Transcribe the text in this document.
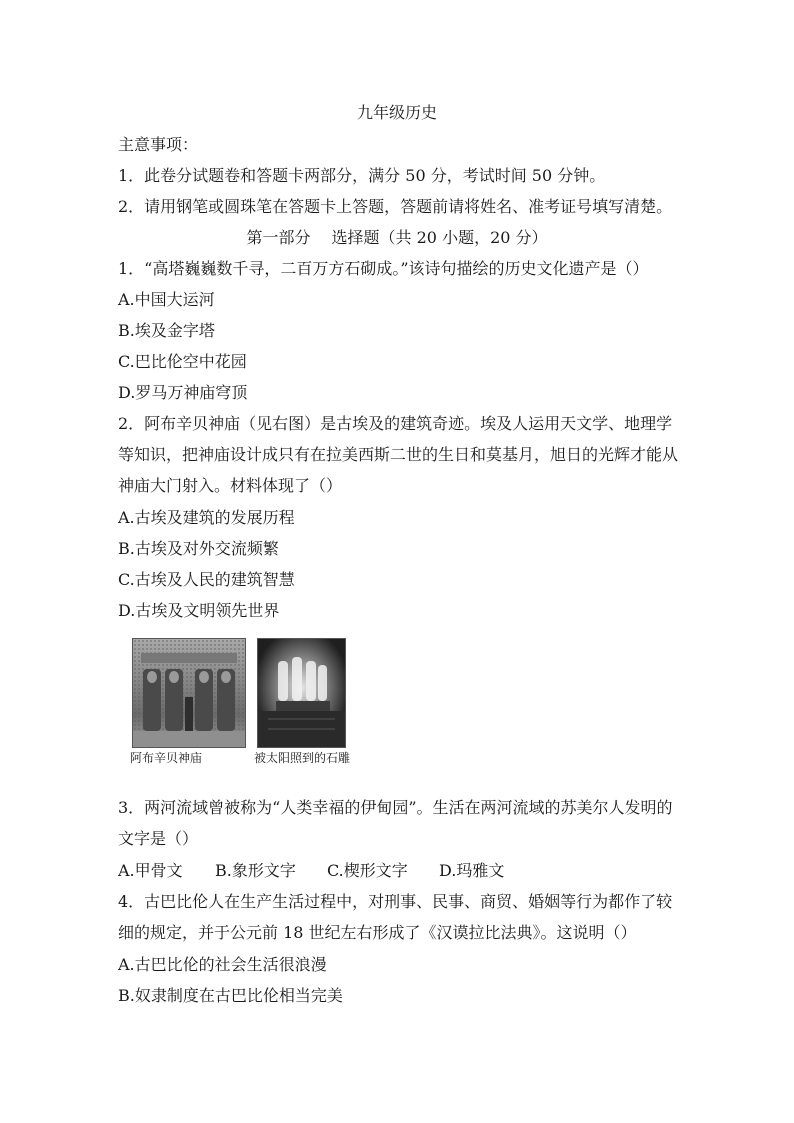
九年级历史
主意事项：
1．此卷分试题卷和答题卡两部分，满分 50 分，考试时间 50 分钟。
2．请用钢笔或圆珠笔在答题卡上答题，答题前请将姓名、准考证号填写清楚。
第一部分　 选择题（共 20 小题，20 分）
1．“高塔巍巍数千寻，二百万方石砌成。”该诗句描绘的历史文化遗产是（）
A.中国大运河
B.埃及金字塔
C.巴比伦空中花园
D.罗马万神庙穹顶
2．阿布辛贝神庙（见右图）是古埃及的建筑奇迹。埃及人运用天文学、地理学
等知识，把神庙设计成只有在拉美西斯二世的生日和莫基月，旭日的光辉才能从
神庙大门射入。材料体现了（）
A.古埃及建筑的发展历程
B.古埃及对外交流频繁
C.古埃及人民的建筑智慧
D.古埃及文明领先世界
阿布辛贝神庙	被太阳照到的石雕
3．两河流域曾被称为“人类幸福的伊甸园”。生活在两河流域的苏美尔人发明的
文字是（）
A.甲骨文 B.象形文字 C.楔形文字 D.玛雅文
4．古巴比伦人在生产生活过程中，对刑事、民事、商贸、婚姻等行为都作了较
细的规定，并于公元前 18 世纪左右形成了《汉谟拉比法典》。这说明（）
A.古巴比伦的社会生活很浪漫
B.奴隶制度在古巴比伦相当完美
